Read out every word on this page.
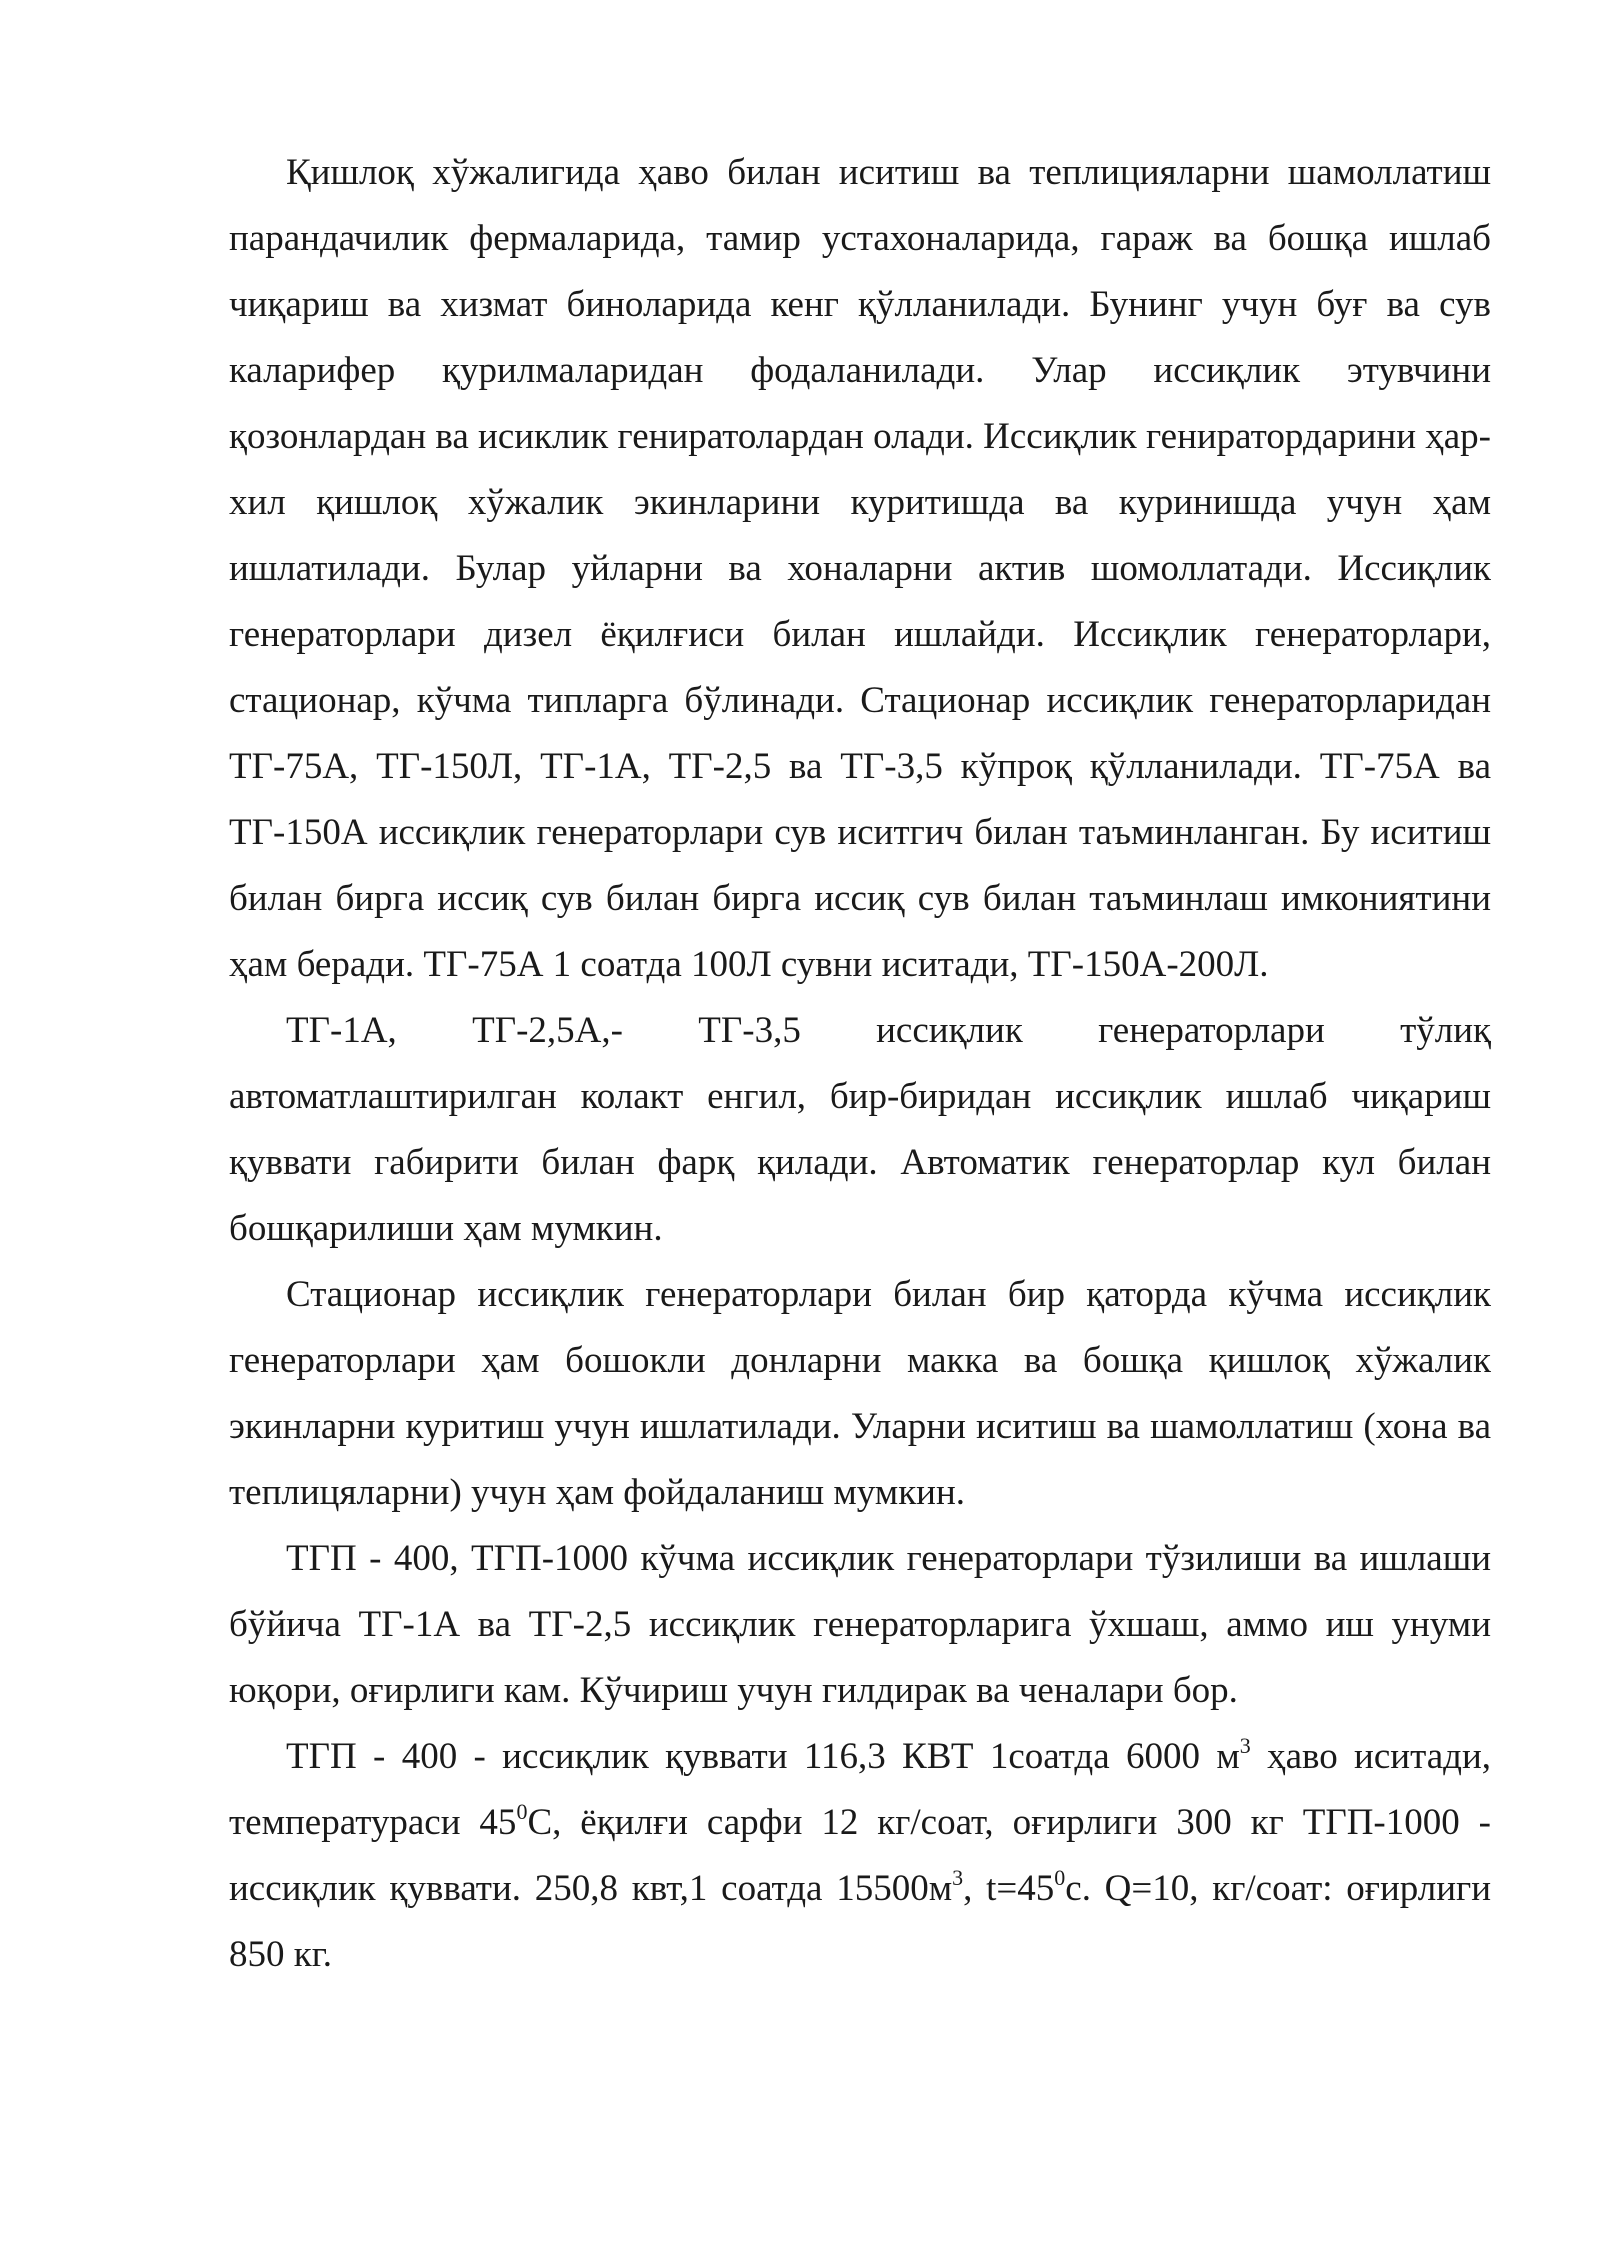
Қишлоқ хўжалигида ҳаво билан иситиш ва теплицияларни шамоллатиш парандачилик фермаларида, тамир устахоналарида, гараж ва бошқа ишлаб чиқариш ва хизмат биноларида кенг қўлланилади. Бунинг учун буғ ва сув каларифер қурилмаларидан фодаланилади. Улар иссиқлик этувчини қозонлардан ва исиклик гениратолардан олади. Иссиқлик гениратордарини ҳар-хил қишлоқ хўжалик экинларини куритишда ва куринишда учун ҳам ишлатилади. Булар уйларни ва хоналарни актив шомоллатади. Иссиқлик генераторлари дизел ёқилғиси билан ишлайди. Иссиқлик генераторлари, стационар, кўчма типларга бўлинади. Стационар иссиқлик генераторларидан ТГ-75А, ТГ-150Л, ТГ-1А, ТГ-2,5 ва ТГ-3,5 кўпроқ қўлланилади. ТГ-75А ва ТГ-150А иссиқлик генераторлари сув иситгич билан таъминланган. Бу иситиш билан бирга иссиқ сув билан бирга иссиқ сув билан таъминлаш имкониятини ҳам беради. ТГ-75А 1 соатда 100Л сувни иситади, ТГ-150А-200Л.

ТГ-1А, ТГ-2,5А,- ТГ-3,5 иссиқлик генераторлари тўлиқ автоматлаштирилган колакт енгил, бир-биридан иссиқлик ишлаб чиқариш қуввати габирити билан фарқ қилади. Автоматик генераторлар кул билан бошқарилиши ҳам мумкин.

Стационар иссиқлик генераторлари билан бир қаторда кўчма иссиқлик генераторлари ҳам бошокли донларни макка ва бошқа қишлоқ хўжалик экинларни куритиш учун ишлатилади. Уларни иситиш ва шамоллатиш (хона ва теплицяларни) учун ҳам фойдаланиш мумкин.

ТГП - 400, ТГП-1000 кўчма иссиқлик генераторлари тўзилиши ва ишлаши бўйича ТГ-1А ва ТГ-2,5 иссиқлик генераторларига ўхшаш, аммо иш унуми юқори, оғирлиги кам. Кўчириш учун гилдирак ва ченалари бор.

ТГП - 400 - иссиқлик қуввати 116,3 КВТ 1соатда 6000 $м^3$ ҳаво иситади, температураси $45^0С$, ёқилғи сарфи 12 кг/соат, оғирлиги 300 кг ТГП-1000 - иссиқлик қуввати. 250,8 квт,1 соатда $15500м^3$, $t=45^0с$. Q=10, кг/соат: оғирлиги 850 кг.
